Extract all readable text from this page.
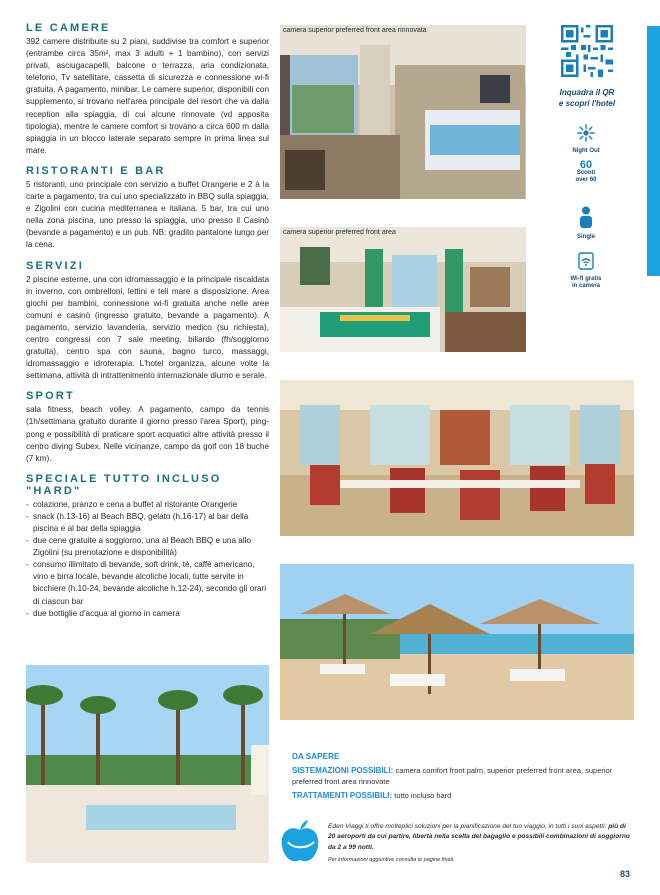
LE CAMERE

392 camere distribuite su 2 piani, suddivise tra comfort e superior (entrambe circa 35m², max 3 adulti + 1 bambino), con servizi privati, asciugacapelli, balcone o terrazza, aria condizionata, telefono, Tv satellitare, cassetta di sicurezza e connessione wi-fi gratuita. A pagamento, minibar. Le camere superior, disponibili con supplemento, si trovano nell'area principale del resort che va dalla reception alla spiaggia, di cui alcune rinnovate (vd apposita tipologia), mentre le camere comfort si trovano a circa 600 m dalla spiaggia in un blocco laterale separato sempre in prima linea sul mare.

RISTORANTI E BAR

5 ristoranti, uno principale con servizio a buffet Orangerie e 2 à la carte a pagamento, tra cui uno specializzato in BBQ sulla spiaggia, e Zigolini con cucina mediterranea e italiana. 5 bar, tra cui uno nella zona piscina, uno presso la spiaggia, uno presso il Casinò (bevande a pagamento) e un pub. NB: gradito pantalone lungo per la cena.

SERVIZI

2 piscine esterne, una con idromassaggio e la principale riscaldata in inverno, con ombrelloni, lettini e teli mare a disposizione. Area giochi per bambini, connessione wi-fi gratuita anche nelle aree comuni e casinò (ingresso gratuito, bevande a pagamento). A pagamento, servizio lavanderia, servizio medico (su richiesta), centro congressi con 7 sale meeting, biliardo (fh/soggiorno gratuita), centro spa con sauna, bagno turco, massaggi, idromassaggio e idroterapia. L'hotel organizza, alcune volte la settimana, attività di intrattenimento internazionale diurno e serale.

SPORT

sala fitness, beach volley. A pagamento, campo da tennis (1h/settimana gratuito durante il giorno presso l'area Sport), ping-pong e possibilità di praticare sport acquatici altre attività presso il centro diving Subex. Nelle vicinanze, campo da golf con 18 buche (7 km).

SPECIALE TUTTO INCLUSO "HARD"
- colazione, pranzo e cena a buffet al ristorante Orangerie
- snack (h.13-16) al Beach BBQ, gelato (h.16-17) al bar della piscina e al bar della spiaggia
- due cene gratuite a soggiorno, una al Beach BBQ e una allo Zigolini (su prenotazione e disponibilità)
- consumo illimitato di bevande, soft drink, tè, caffè americano, vino e birra locale, bevande alcoliche locali, tutte servite in bicchiere (h.10-24, bevande alcoliche h.12-24), secondo gli orari di ciascun bar
- due bottiglie d'acqua al giorno in camera
camera superior preferred front area rinnovata
camera superior preferred front area
Inquadra il QR
e scopri l'hotel
Night Out
60
Sconti
over 60
Single
Wi-fi gratis
in camera
DA SAPERE
SISTEMAZIONI POSSIBILI: camera comfort front palm, superior preferred front area, superior preferred front area rinnovate
TRATTAMENTI POSSIBILI: tutto incluso hard
Eden Viaggi ti offre molteplici soluzioni per la pianificazione del tuo viaggio, in tutti i suoi aspetti: più di 20 aeroporti da cui partire, libertà nella scelta del bagaglio e possibili combinazioni di soggiorno da 2 a 99 notti.
Per informazioni aggiuntive consulta le pagine finali.
83
